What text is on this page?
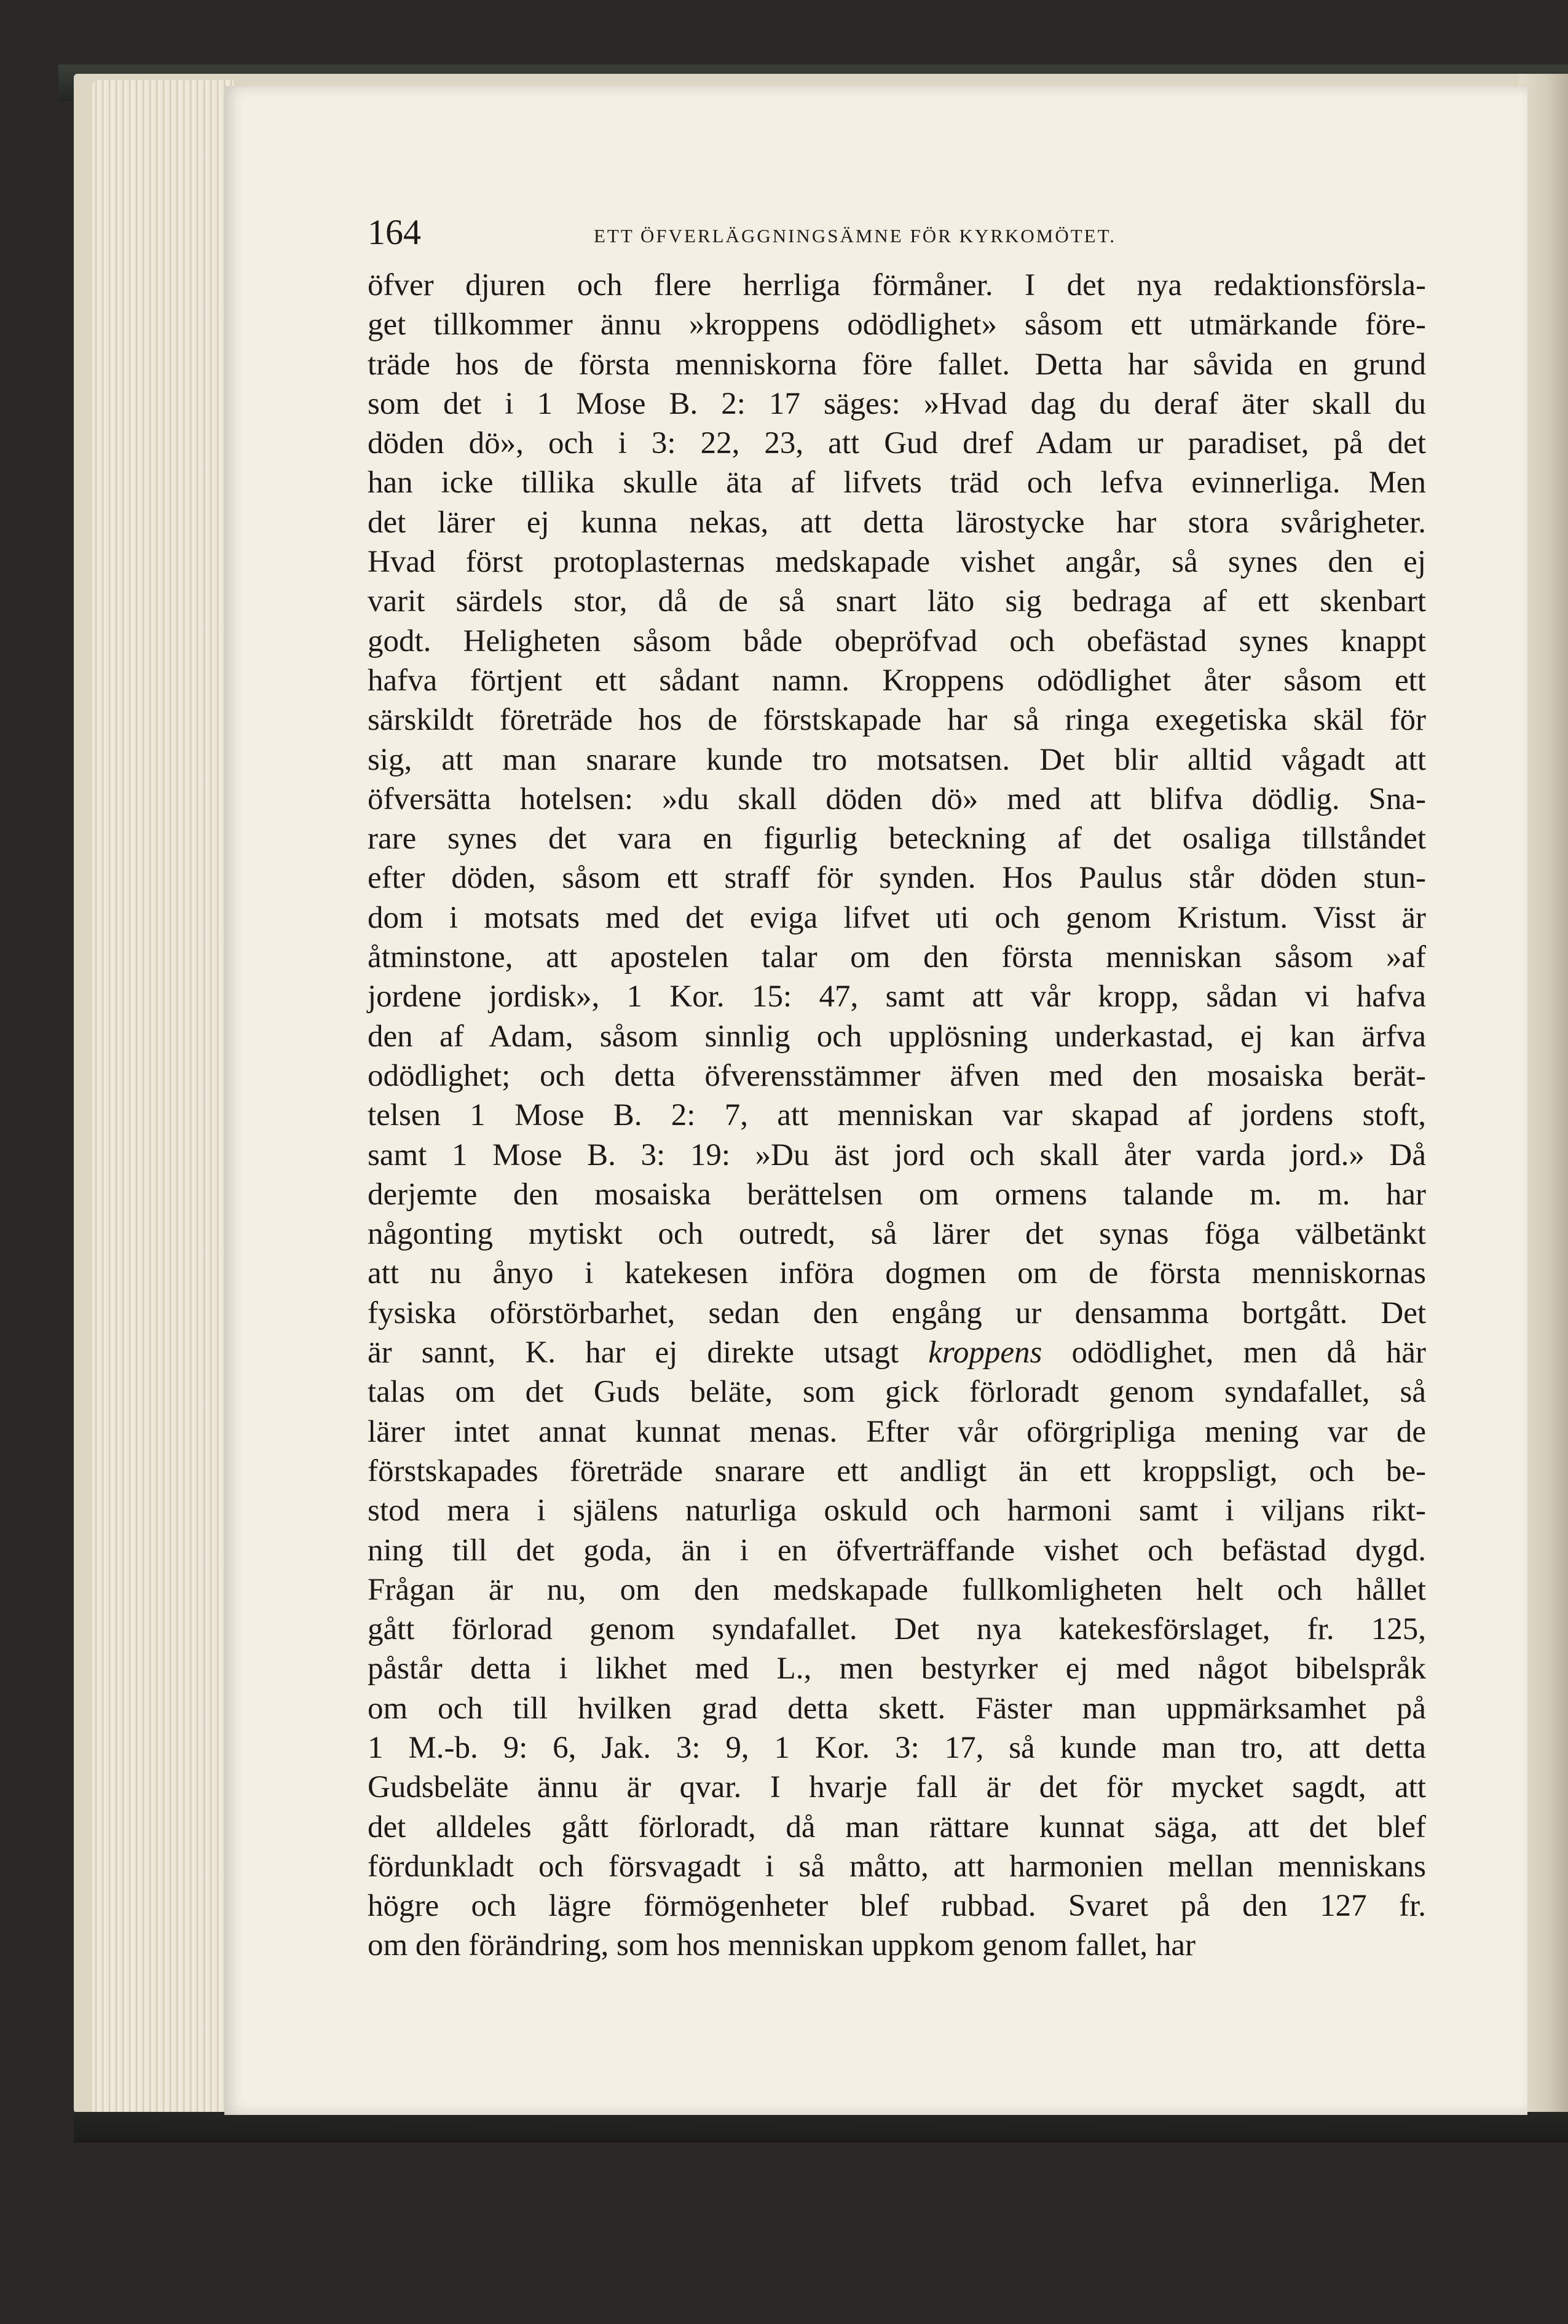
164	ETT ÖFVERLÄGGNINGSÄMNE FÖR KYRKOMÖTET.
öfver djuren och flere herrliga förmåner. I det nya redaktionsförsla-
get tillkommer ännu »kroppens odödlighet» såsom ett utmärkande före-
träde hos de första menniskorna före fallet. Detta har såvida en grund
som det i 1 Mose B. 2: 17 säges: »Hvad dag du deraf äter skall du
döden dö», och i 3: 22, 23, att Gud dref Adam ur paradiset, på det
han icke tillika skulle äta af lifvets träd och lefva evinnerliga. Men
det lärer ej kunna nekas, att detta lärostycke har stora svårigheter.
Hvad först protoplasternas medskapade vishet angår, så synes den ej
varit särdels stor, då de så snart läto sig bedraga af ett skenbart
godt. Heligheten såsom både obepröfvad och obefästad synes knappt
hafva förtjent ett sådant namn. Kroppens odödlighet åter såsom ett
särskildt företräde hos de förstskapade har så ringa exegetiska skäl för
sig, att man snarare kunde tro motsatsen. Det blir alltid vågadt att
öfversätta hotelsen: »du skall döden dö» med att blifva dödlig. Sna-
rare synes det vara en figurlig beteckning af det osaliga tillståndet
efter döden, såsom ett straff för synden. Hos Paulus står döden stun-
dom i motsats med det eviga lifvet uti och genom Kristum. Visst är
åtminstone, att apostelen talar om den första menniskan såsom »af
jordene jordisk», 1 Kor. 15: 47, samt att vår kropp, sådan vi hafva
den af Adam, såsom sinnlig och upplösning underkastad, ej kan ärfva
odödlighet; och detta öfverensstämmer äfven med den mosaiska berät-
telsen 1 Mose B. 2: 7, att menniskan var skapad af jordens stoft,
samt 1 Mose B. 3: 19: »Du äst jord och skall åter varda jord.» Då
derjemte den mosaiska berättelsen om ormens talande m. m. har
någonting mytiskt och outredt, så lärer det synas föga välbetänkt
att nu ånyo i katekesen införa dogmen om de första menniskornas
fysiska oförstörbarhet, sedan den engång ur densamma bortgått. Det
är sannt, K. har ej direkte utsagt kroppens odödlighet, men då här
talas om det Guds beläte, som gick förloradt genom syndafallet, så
lärer intet annat kunnat menas. Efter vår oförgripliga mening var de
förstskapades företräde snarare ett andligt än ett kroppsligt, och be-
stod mera i själens naturliga oskuld och harmoni samt i viljans rikt-
ning till det goda, än i en öfverträffande vishet och befästad dygd.
Frågan är nu, om den medskapade fullkomligheten helt och hållet
gått förlorad genom syndafallet. Det nya katekesförslaget, fr. 125,
påstår detta i likhet med L., men bestyrker ej med något bibelspråk
om och till hvilken grad detta skett. Fäster man uppmärksamhet på
1 M.-b. 9: 6, Jak. 3: 9, 1 Kor. 3: 17, så kunde man tro, att detta
Gudsbeläte ännu är qvar. I hvarje fall är det för mycket sagdt, att
det alldeles gått förloradt, då man rättare kunnat säga, att det blef
fördunkladt och försvagadt i så måtto, att harmonien mellan menniskans
högre och lägre förmögenheter blef rubbad. Svaret på den 127 fr.
om den förändring, som hos menniskan uppkom genom fallet, har
